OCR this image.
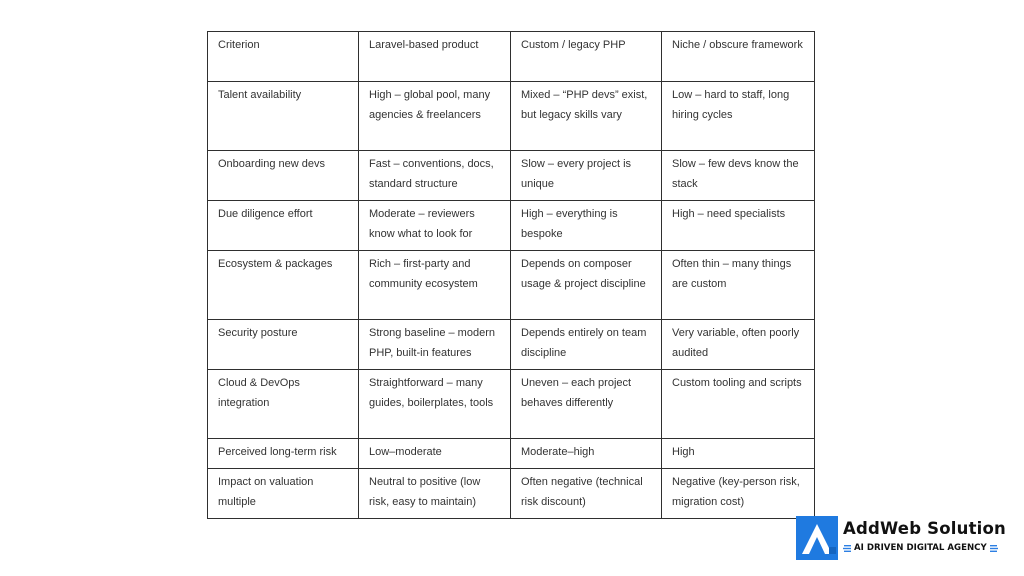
Criterion	Laravel-based product	Custom / legacy PHP	Niche / obscure framework
Talent availability	High – global pool, many agencies & freelancers	Mixed – “PHP devs” exist, but legacy skills vary	Low – hard to staff, long hiring cycles
Onboarding new devs	Fast – conventions, docs, standard structure	Slow – every project is unique	Slow – few devs know the stack
Due diligence effort	Moderate – reviewers know what to look for	High – everything is bespoke	High – need specialists
Ecosystem & packages	Rich – first-party and community ecosystem	Depends on composer usage & project discipline	Often thin – many things are custom
Security posture	Strong baseline – modern PHP, built-in features	Depends entirely on team discipline	Very variable, often poorly audited
Cloud & DevOps integration	Straightforward – many guides, boilerplates, tools	Uneven – each project behaves differently	Custom tooling and scripts
Perceived long-term risk	Low–moderate	Moderate–high	High
Impact on valuation multiple	Neutral to positive (low risk, easy to maintain)	Often negative (technical risk discount)	Negative (key-person risk, migration cost)
AddWeb Solution
AI DRIVEN DIGITAL AGENCY
